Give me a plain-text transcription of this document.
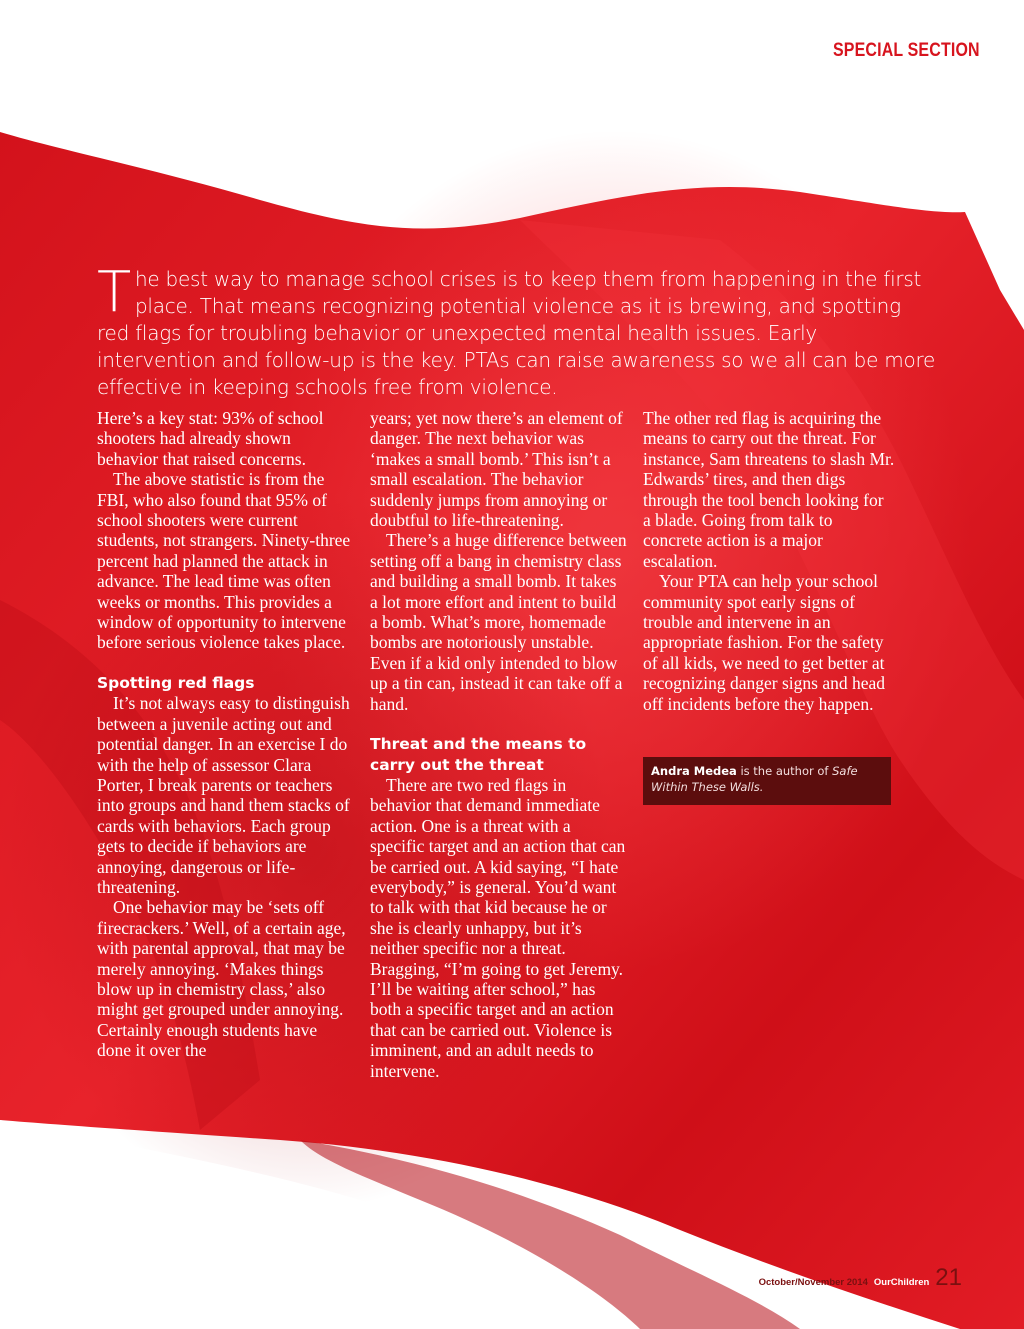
SPECIAL SECTION

The best way to manage school crises is to keep them from happening in the first place. That means recognizing potential violence as it is brewing, and spotting red flags for troubling behavior or unexpected mental health issues. Early intervention and follow-up is the key. PTAs can raise awareness so we all can be more effective in keeping schools free from violence.

Here’s a key stat: 93% of school shooters had already shown behavior that raised concerns.

The above statistic is from the FBI, who also found that 95% of school shooters were current students, not strangers. Ninety-three percent had planned the attack in advance. The lead time was often weeks or months. This provides a window of opportunity to intervene before serious violence takes place.

Spotting red flags

It’s not always easy to distinguish between a juvenile acting out and potential danger. In an exercise I do with the help of assessor Clara Porter, I break parents or teachers into groups and hand them stacks of cards with behaviors. Each group gets to decide if behaviors are annoying, dangerous or life-threatening.

One behavior may be ‘sets off firecrackers.’ Well, of a certain age, with parental approval, that may be merely annoying. ‘Makes things blow up in chemistry class,’ also might get grouped under annoying. Certainly enough students have done it over the

years; yet now there’s an element of danger. The next behavior was ‘makes a small bomb.’ This isn’t a small escalation. The behavior suddenly jumps from annoying or doubtful to life-threatening.

There’s a huge difference between setting off a bang in chemistry class and building a small bomb. It takes a lot more effort and intent to build a bomb. What’s more, homemade bombs are notoriously unstable. Even if a kid only intended to blow up a tin can, instead it can take off a hand.

Threat and the means to carry out the threat

There are two red flags in behavior that demand immediate action. One is a threat with a specific target and an action that can be carried out. A kid saying, “I hate everybody,” is general. You’d want to talk with that kid because he or she is clearly unhappy, but it’s neither specific nor a threat. Bragging, “I’m going to get Jeremy. I’ll be waiting after school,” has both a specific target and an action that can be carried out. Violence is imminent, and an adult needs to intervene.

The other red flag is acquiring the means to carry out the threat. For instance, Sam threatens to slash Mr. Edwards’ tires, and then digs through the tool bench looking for a blade. Going from talk to concrete action is a major escalation.

Your PTA can help your school community spot early signs of trouble and intervene in an appropriate fashion. For the safety of all kids, we need to get better at recognizing danger signs and head off incidents before they happen.

Andra Medea is the author of Safe Within These Walls.
October/November 2014 OurChildren 21
